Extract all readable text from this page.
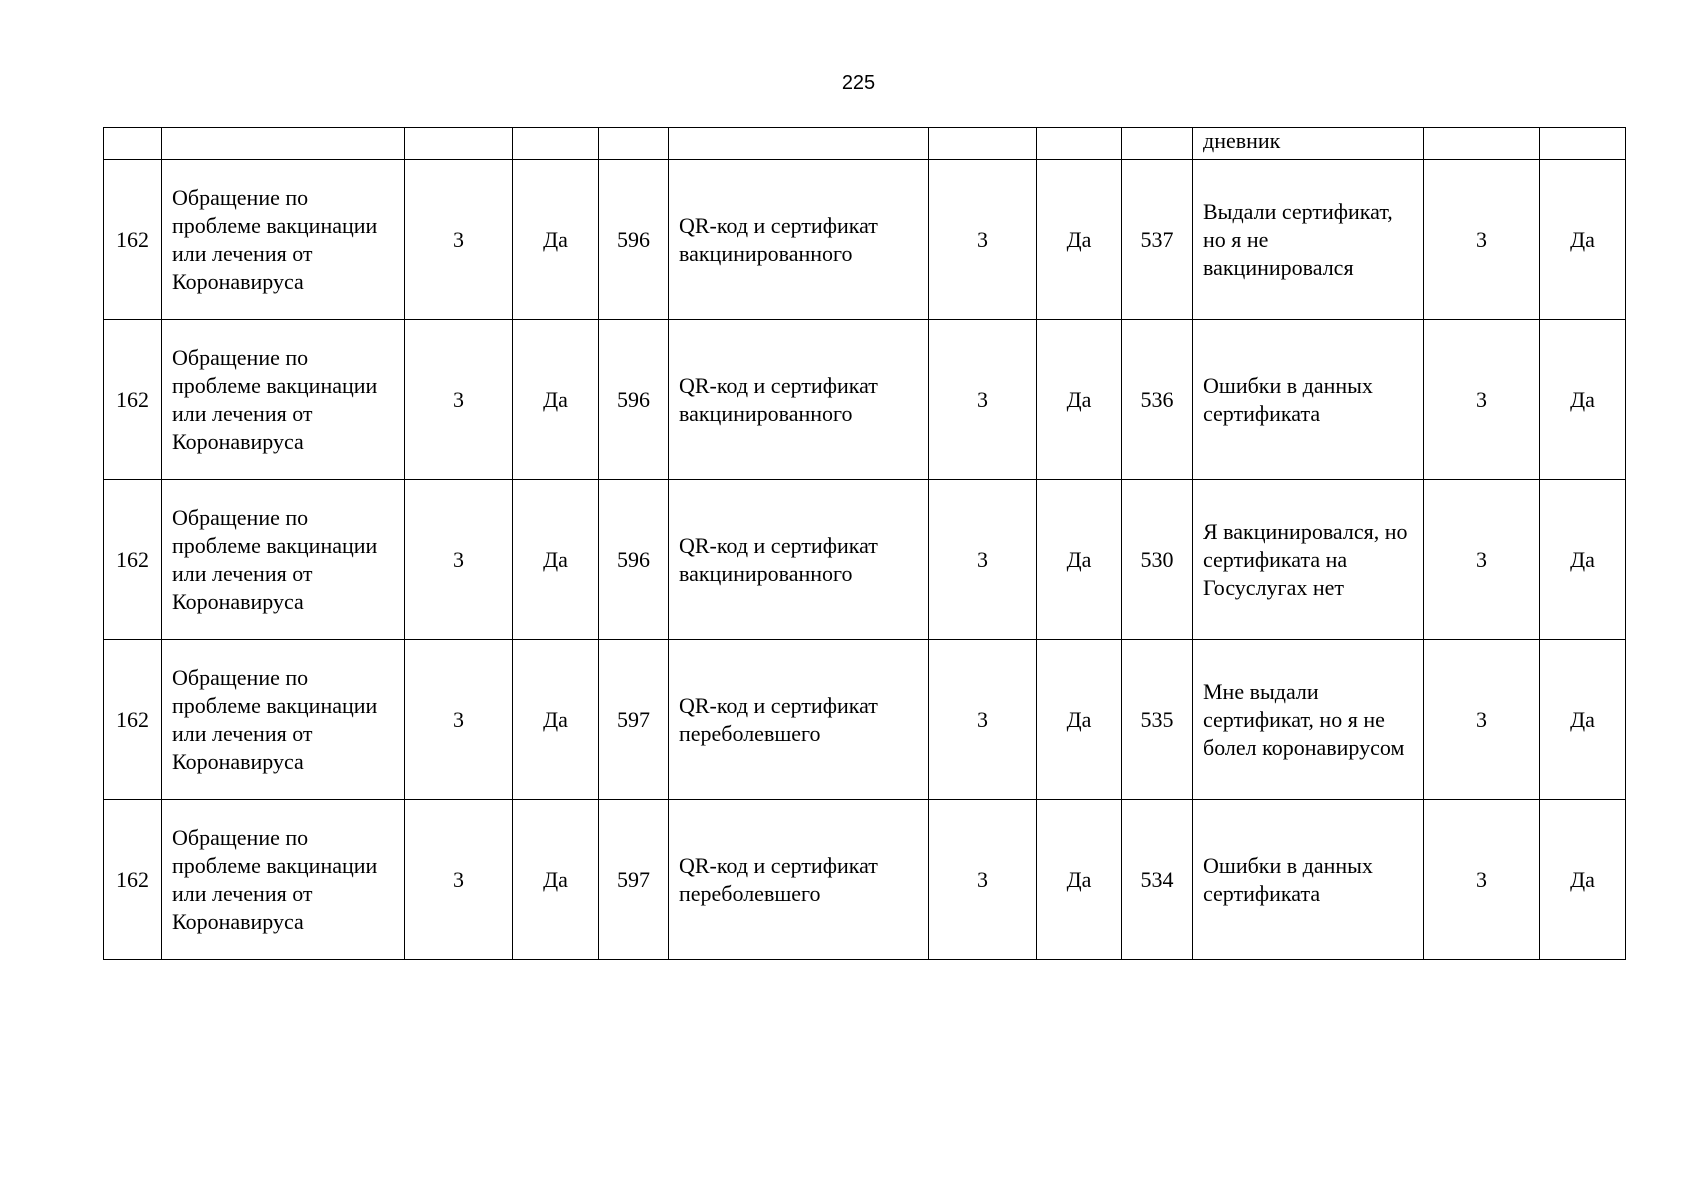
225
									дневник		
162	Обращение по проблеме вакцинации или лечения от Коронавируса	3	Да	596	QR-код и сертификат вакцинированного	3	Да	537	Выдали сертификат, но я не вакцинировался	3	Да
162	Обращение по проблеме вакцинации или лечения от Коронавируса	3	Да	596	QR-код и сертификат вакцинированного	3	Да	536	Ошибки в данных сертификата	3	Да
162	Обращение по проблеме вакцинации или лечения от Коронавируса	3	Да	596	QR-код и сертификат вакцинированного	3	Да	530	Я вакцинировался, но сертификата на Госуслугах нет	3	Да
162	Обращение по проблеме вакцинации или лечения от Коронавируса	3	Да	597	QR-код и сертификат переболевшего	3	Да	535	Мне выдали сертификат, но я не болел коронавирусом	3	Да
162	Обращение по проблеме вакцинации или лечения от Коронавируса	3	Да	597	QR-код и сертификат переболевшего	3	Да	534	Ошибки в данных сертификата	3	Да
